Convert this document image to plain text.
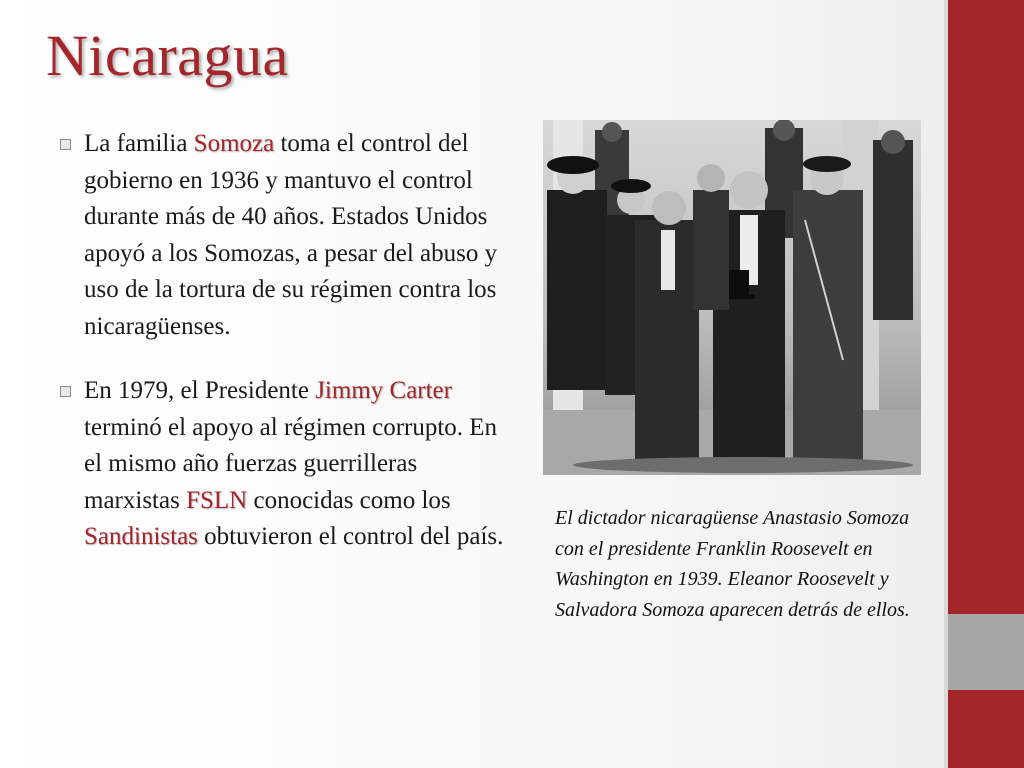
Nicaragua
La familia Somoza toma el control del gobierno en 1936 y mantuvo el control durante más de 40 años. Estados Unidos apoyó a los Somozas, a pesar del abuso y uso de la tortura de su régimen contra los nicaragüenses.
En 1979, el Presidente Jimmy Carter terminó el apoyo al régimen corrupto. En el mismo año fuerzas guerrilleras marxistas FSLN conocidas como los Sandinistas obtuvieron el control del país.
El dictador nicaragüense Anastasio Somoza con el presidente Franklin Roosevelt en Washington en 1939. Eleanor Roosevelt y Salvadora Somoza aparecen detrás de ellos.
